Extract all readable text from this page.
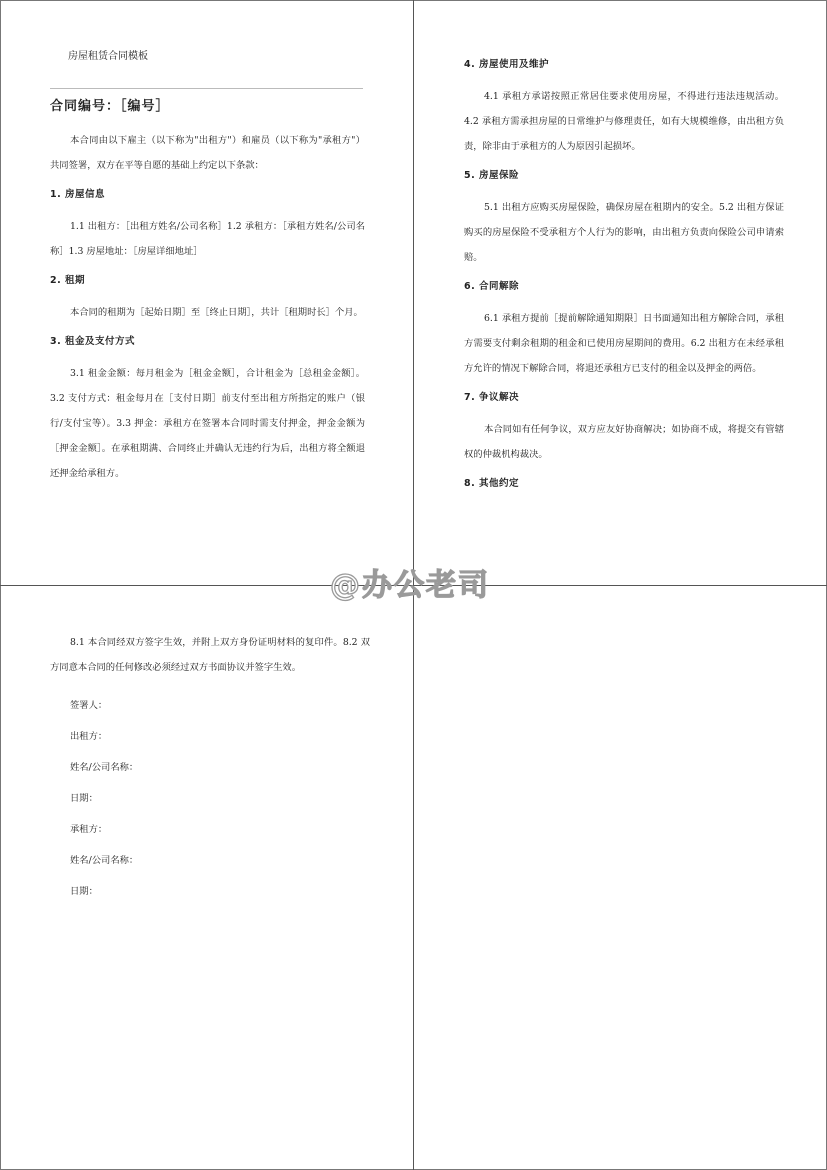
房屋租赁合同模板
合同编号：［编号］

本合同由以下雇主（以下称为"出租方"）和雇员（以下称为"承租方"）共同签署，双方在平等自愿的基础上约定以下条款：

1. 房屋信息

1.1 出租方：［出租方姓名/公司名称］1.2 承租方：［承租方姓名/公司名称］1.3 房屋地址：［房屋详细地址］

2. 租期

本合同的租期为［起始日期］至［终止日期］，共计［租期时长］个月。

3. 租金及支付方式

3.1 租金金额：每月租金为［租金金额］，合计租金为［总租金金额］。3.2 支付方式：租金每月在［支付日期］前支付至出租方所指定的账户（银行/支付宝等）。3.3 押金：承租方在签署本合同时需支付押金，押金金额为［押金金额］。在承租期满、合同终止并确认无违约行为后，出租方将全额退还押金给承租方。

4. 房屋使用及维护

4.1 承租方承诺按照正常居住要求使用房屋，不得进行违法违规活动。4.2 承租方需承担房屋的日常维护与修理责任，如有大规模维修，由出租方负责，除非由于承租方的人为原因引起损坏。

5. 房屋保险

5.1 出租方应购买房屋保险，确保房屋在租期内的安全。5.2 出租方保证购买的房屋保险不受承租方个人行为的影响，由出租方负责向保险公司申请索赔。

6. 合同解除

6.1 承租方提前［提前解除通知期限］日书面通知出租方解除合同，承租方需要支付剩余租期的租金和已使用房屋期间的费用。6.2 出租方在未经承租方允许的情况下解除合同，将退还承租方已支付的租金以及押金的两倍。

7. 争议解决

本合同如有任何争议，双方应友好协商解决；如协商不成，将提交有管辖权的仲裁机构裁决。

8. 其他约定

8.1 本合同经双方签字生效，并附上双方身份证明材料的复印件。8.2 双方同意本合同的任何修改必须经过双方书面协议并签字生效。

签署人：
出租方：
姓名/公司名称：
日期：
承租方：
姓名/公司名称：
日期：
@办公老司
